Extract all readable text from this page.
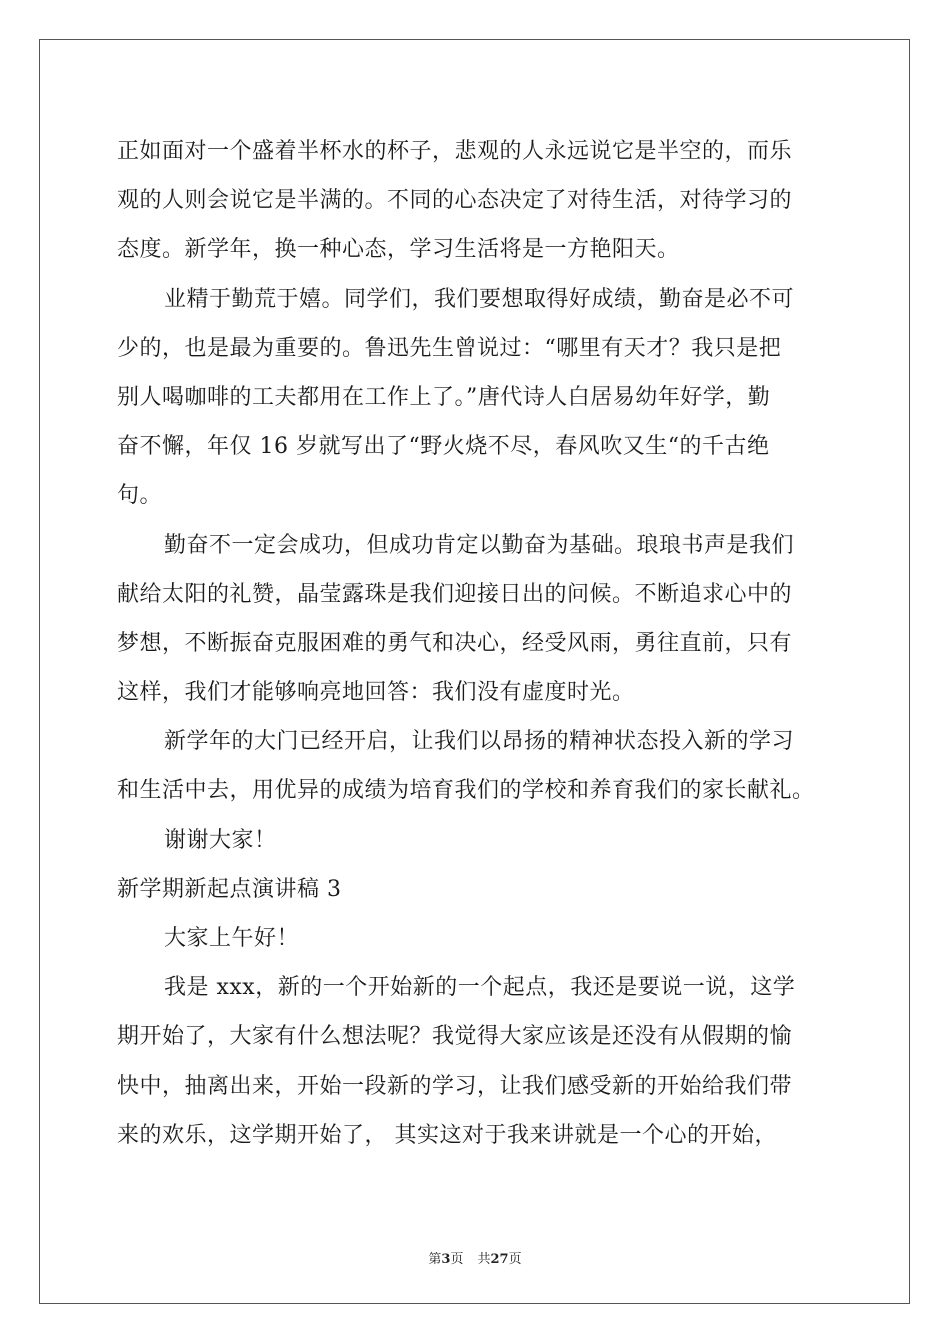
正如面对一个盛着半杯水的杯子，悲观的人永远说它是半空的，而乐
观的人则会说它是半满的。不同的心态决定了对待生活，对待学习的
态度。新学年，换一种心态，学习生活将是一方艳阳天。
业精于勤荒于嬉。同学们，我们要想取得好成绩，勤奋是必不可
少的，也是最为重要的。鲁迅先生曾说过：“哪里有天才？我只是把
别人喝咖啡的工夫都用在工作上了。”唐代诗人白居易幼年好学，勤
奋不懈，年仅 16 岁就写出了“野火烧不尽，春风吹又生“的千古绝
句。
勤奋不一定会成功，但成功肯定以勤奋为基础。琅琅书声是我们
献给太阳的礼赞，晶莹露珠是我们迎接日出的问候。不断追求心中的
梦想，不断振奋克服困难的勇气和决心，经受风雨，勇往直前，只有
这样，我们才能够响亮地回答：我们没有虚度时光。
新学年的大门已经开启，让我们以昂扬的精神状态投入新的学习
和生活中去，用优异的成绩为培育我们的学校和养育我们的家长献礼。
谢谢大家！
新学期新起点演讲稿 3
大家上午好！
我是 xxx，新的一个开始新的一个起点，我还是要说一说，这学
期开始了，大家有什么想法呢？我觉得大家应该是还没有从假期的愉
快中，抽离出来，开始一段新的学习，让我们感受新的开始给我们带
来的欢乐，这学期开始了， 其实这对于我来讲就是一个心的开始，
第3页 共27页
